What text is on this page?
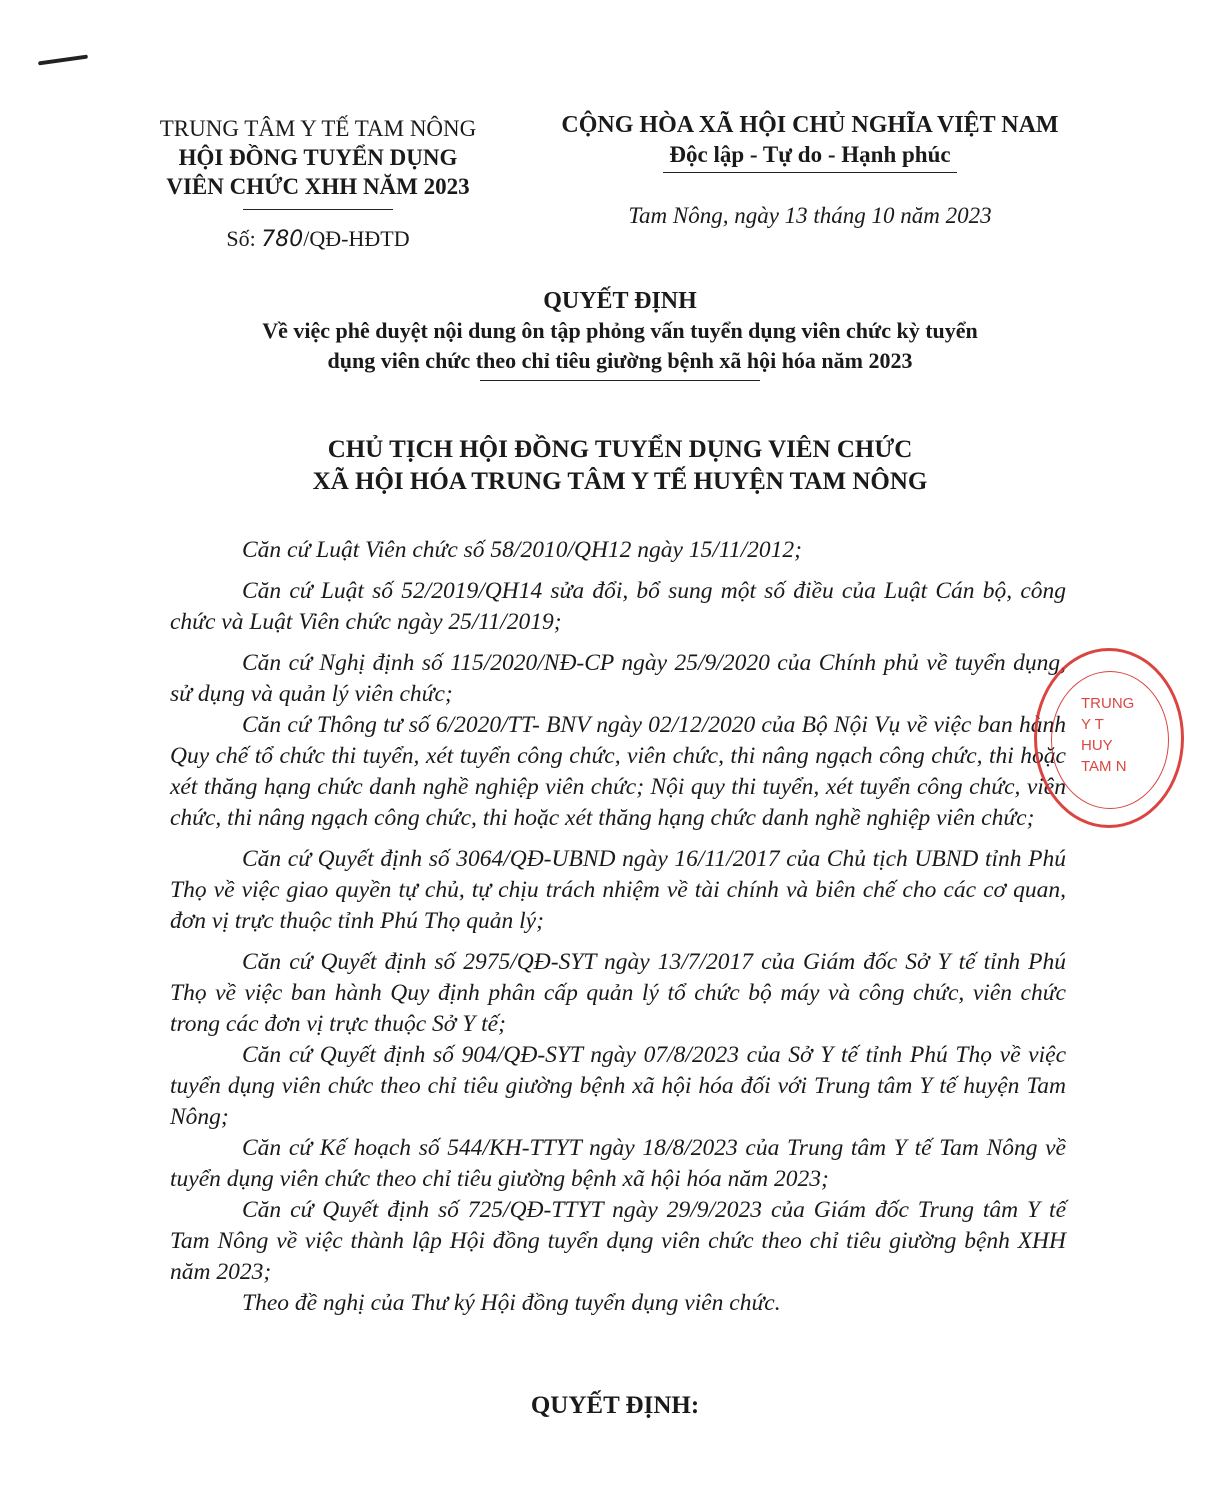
TRUNG TÂM Y TẾ TAM NÔNG
HỘI ĐỒNG TUYỂN DỤNG
VIÊN CHỨC XHH NĂM 2023
Số: 780/QĐ-HĐTD
CỘNG HÒA XÃ HỘI CHỦ NGHĨA VIỆT NAM
Độc lập - Tự do - Hạnh phúc
Tam Nông, ngày 13 tháng 10 năm 2023
QUYẾT ĐỊNH
Về việc phê duyệt nội dung ôn tập phỏng vấn tuyển dụng viên chức kỳ tuyển
dụng viên chức theo chỉ tiêu giường bệnh xã hội hóa năm 2023
CHỦ TỊCH HỘI ĐỒNG TUYỂN DỤNG VIÊN CHỨC
XÃ HỘI HÓA TRUNG TÂM Y TẾ HUYỆN TAM NÔNG

Căn cứ Luật Viên chức số 58/2010/QH12 ngày 15/11/2012;

Căn cứ Luật số 52/2019/QH14 sửa đổi, bổ sung một số điều của Luật Cán bộ, công chức và Luật Viên chức ngày 25/11/2019;

Căn cứ Nghị định số 115/2020/NĐ-CP ngày 25/9/2020 của Chính phủ về tuyển dụng, sử dụng và quản lý viên chức;

Căn cứ Thông tư số 6/2020/TT- BNV ngày 02/12/2020 của Bộ Nội Vụ về việc ban hành Quy chế tổ chức thi tuyển, xét tuyển công chức, viên chức, thi nâng ngạch công chức, thi hoặc xét thăng hạng chức danh nghề nghiệp viên chức; Nội quy thi tuyển, xét tuyển công chức, viên chức, thi nâng ngạch công chức, thi hoặc xét thăng hạng chức danh nghề nghiệp viên chức;

Căn cứ Quyết định số 3064/QĐ-UBND ngày 16/11/2017 của Chủ tịch UBND tỉnh Phú Thọ về việc giao quyền tự chủ, tự chịu trách nhiệm về tài chính và biên chế cho các cơ quan, đơn vị trực thuộc tỉnh Phú Thọ quản lý;

Căn cứ Quyết định số 2975/QĐ-SYT ngày 13/7/2017 của Giám đốc Sở Y tế tỉnh Phú Thọ về việc ban hành Quy định phân cấp quản lý tổ chức bộ máy và công chức, viên chức trong các đơn vị trực thuộc Sở Y tế;

Căn cứ Quyết định số 904/QĐ-SYT ngày 07/8/2023 của Sở Y tế tỉnh Phú Thọ về việc tuyển dụng viên chức theo chỉ tiêu giường bệnh xã hội hóa đối với Trung tâm Y tế huyện Tam Nông;

Căn cứ Kế hoạch số 544/KH-TTYT ngày 18/8/2023 của Trung tâm Y tế Tam Nông về tuyển dụng viên chức theo chỉ tiêu giường bệnh xã hội hóa năm 2023;

Căn cứ Quyết định số 725/QĐ-TTYT ngày 29/9/2023 của Giám đốc Trung tâm Y tế Tam Nông về việc thành lập Hội đồng tuyển dụng viên chức theo chỉ tiêu giường bệnh XHH năm 2023;

Theo đề nghị của Thư ký Hội đồng tuyển dụng viên chức.

QUYẾT ĐỊNH:
TRUNG
Y T
HUY
TAM N
